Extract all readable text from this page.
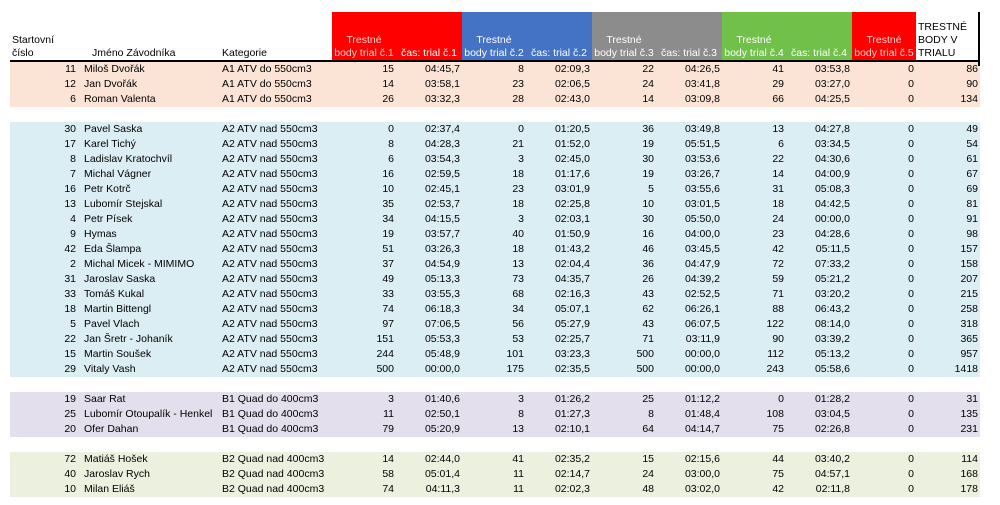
Startovní číslo	Jméno Závodníka	Kategorie	Trestné body trial č.1	čas: trial č.1	Trestné body trial č.2	čas: trial č.2	Trestné body trial č.3	čas: trial č.3	Trestné body trial č.4	čas: trial č.4	Trestné body trial č.5	TRESTNÉ BODY V TRIALU
11	Miloš Dvořák	A1 ATV do 550cm3	15	04:45,7	8	02:09,3	22	04:26,5	41	03:53,8	0	86
12	Jan Dvořák	A1 ATV do 550cm3	14	03:58,1	23	02:06,5	24	03:41,8	29	03:27,0	0	90
6	Roman Valenta	A1 ATV do 550cm3	26	03:32,3	28	02:43,0	14	03:09,8	66	04:25,5	0	134

30	Pavel Saska	A2 ATV nad 550cm3	0	02:37,4	0	01:20,5	36	03:49,8	13	04:27,8	0	49
17	Karel Tichý	A2 ATV nad 550cm3	8	04:28,3	21	01:52,0	19	05:51,5	6	03:34,5	0	54
8	Ladislav Kratochvíl	A2 ATV nad 550cm3	6	03:54,3	3	02:45,0	30	03:53,6	22	04:30,6	0	61
7	Michal Vágner	A2 ATV nad 550cm3	16	02:59,5	18	01:17,6	19	03:26,7	14	04:00,9	0	67
16	Petr Kotrč	A2 ATV nad 550cm3	10	02:45,1	23	03:01,9	5	03:55,6	31	05:08,3	0	69
13	Lubomír Stejskal	A2 ATV nad 550cm3	35	02:53,7	18	02:25,8	10	03:01,5	18	04:42,5	0	81
4	Petr Písek	A2 ATV nad 550cm3	34	04:15,5	3	02:03,1	30	05:50,0	24	00:00,0	0	91
9	Hymas	A2 ATV nad 550cm3	19	03:57,7	40	01:50,9	16	04:00,0	23	04:28,6	0	98
42	Eda Šlampa	A2 ATV nad 550cm3	51	03:26,3	18	01:43,2	46	03:45,5	42	05:11,5	0	157
2	Michal Micek - MIMIMO	A2 ATV nad 550cm3	37	04:54,9	13	02:04,4	36	04:47,9	72	07:33,2	0	158
31	Jaroslav Saska	A2 ATV nad 550cm3	49	05:13,3	73	04:35,7	26	04:39,2	59	05:21,2	0	207
33	Tomáš Kukal	A2 ATV nad 550cm3	33	03:55,3	68	02:16,3	43	02:52,5	71	03:20,2	0	215
18	Martin Bittengl	A2 ATV nad 550cm3	74	06:18,3	34	05:07,1	62	06:26,1	88	06:43,2	0	258
5	Pavel Vlach	A2 ATV nad 550cm3	97	07:06,5	56	05:27,9	43	06:07,5	122	08:14,0	0	318
22	Jan Šretr - Johaník	A2 ATV nad 550cm3	151	05:53,3	53	02:25,7	71	03:11,9	90	03:39,2	0	365
15	Martin Soušek	A2 ATV nad 550cm3	244	05:48,9	101	03:23,3	500	00:00,0	112	05:13,2	0	957
29	Vitaly Vash	A2 ATV nad 550cm3	500	00:00,0	175	02:35,5	500	00:00,0	243	05:58,6	0	1418

19	Saar Rat	B1 Quad do 400cm3	3	01:40,6	3	01:26,2	25	01:12,2	0	01:28,2	0	31
25	Lubomír Otoupalík - Henkel	B1 Quad do 400cm3	11	02:50,1	8	01:27,3	8	01:48,4	108	03:04,5	0	135
20	Ofer Dahan	B1 Quad do 400cm3	79	05:20,9	13	02:10,1	64	04:14,7	75	02:26,8	0	231

72	Matiáš Hošek	B2 Quad nad 400cm3	14	02:44,0	41	02:35,2	15	02:15,6	44	03:40,2	0	114
40	Jaroslav Rych	B2 Quad nad 400cm3	58	05:01,4	11	02:14,7	24	03:00,0	75	04:57,1	0	168
10	Milan Eliáš	B2 Quad nad 400cm3	74	04:11,3	11	02:02,3	48	03:02,0	42	02:11,8	0	178
